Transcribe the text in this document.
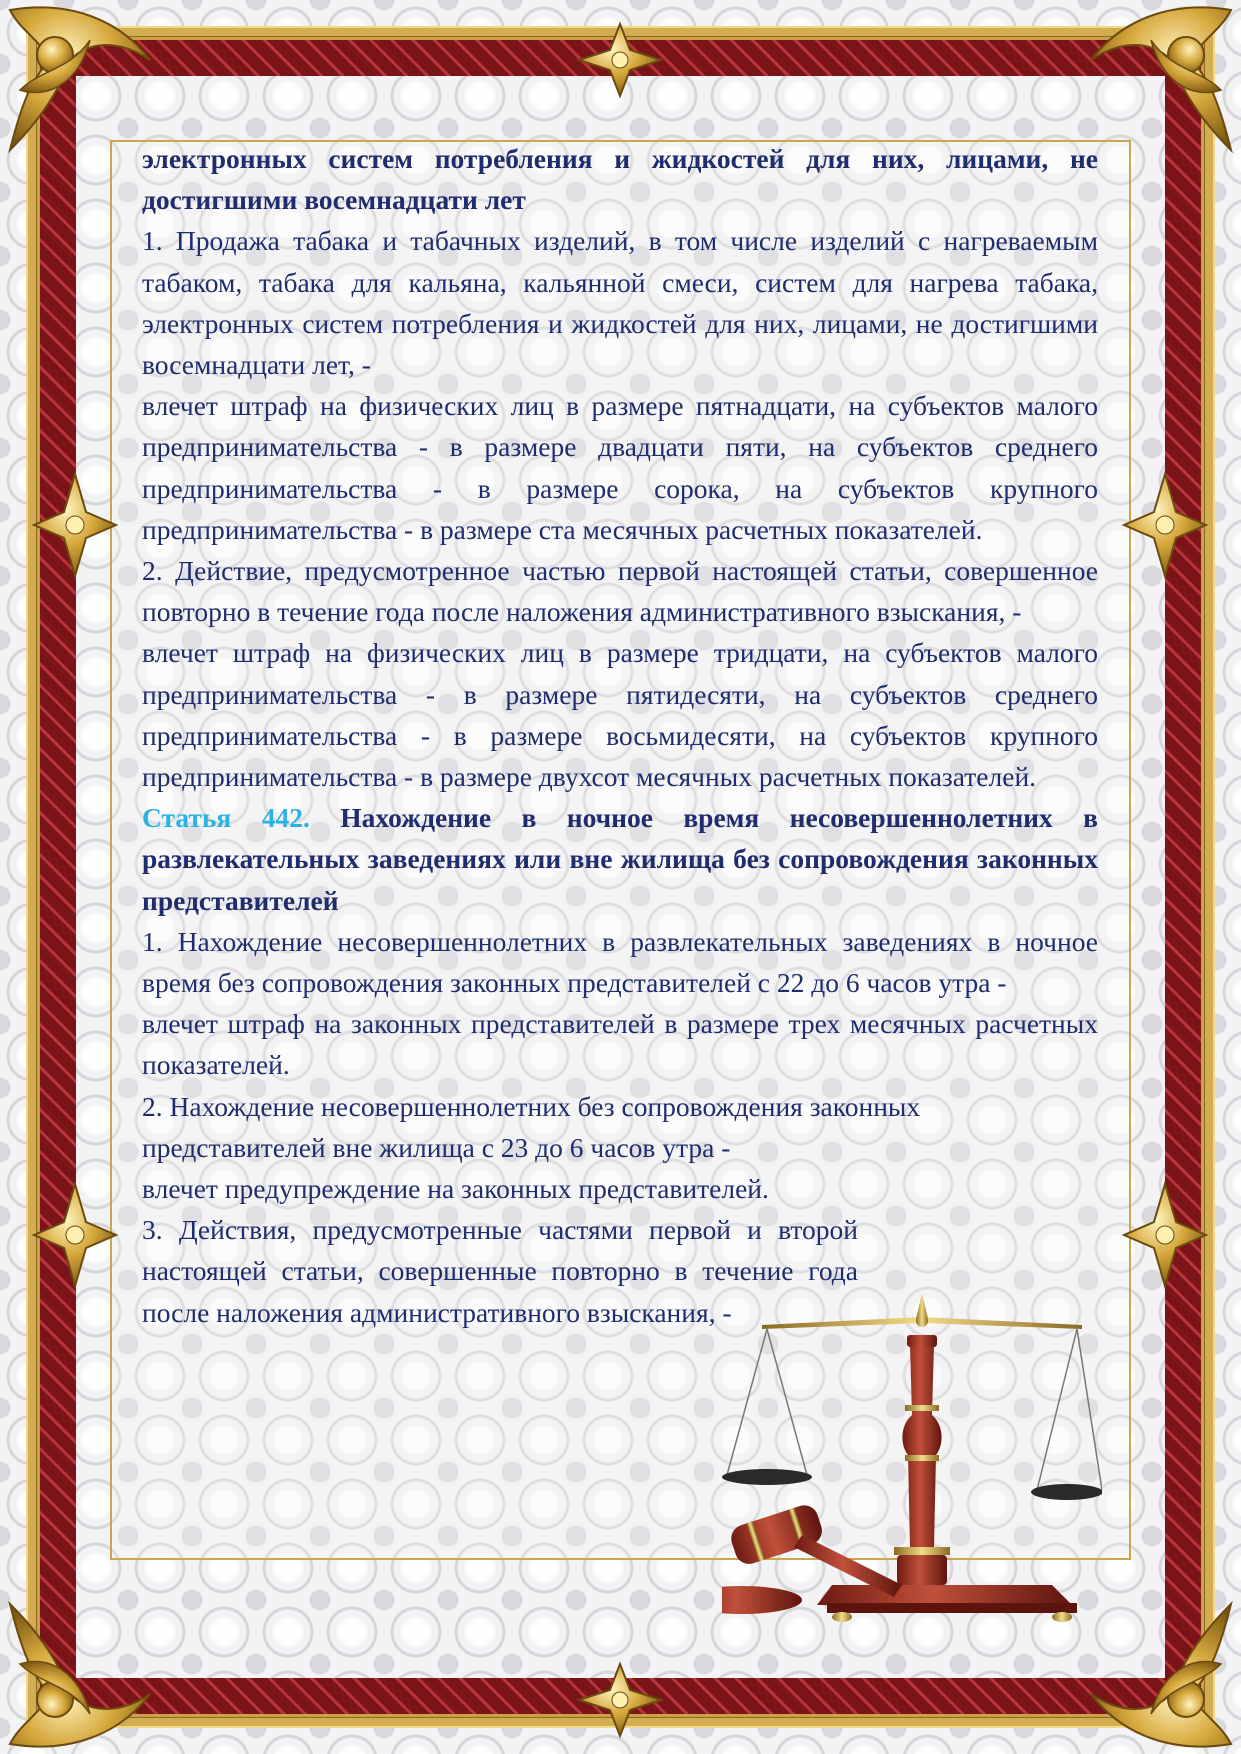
электронных систем потребления и жидкостей для них, лицами, не достигшими восемнадцати лет

1. Продажа табака и табачных изделий, в том числе изделий с нагреваемым табаком, табака для кальяна, кальянной смеси, систем для нагрева табака, электронных систем потребления и жидкостей для них, лицами, не достигшими восемнадцати лет, -

влечет штраф на физических лиц в размере пятнадцати, на субъектов малого предпринимательства - в размере двадцати пяти, на субъектов среднего предпринимательства - в размере сорока, на субъектов крупного предпринимательства - в размере ста месячных расчетных показателей.

2. Действие, предусмотренное частью первой настоящей статьи, совершенное повторно в течение года после наложения административного взыскания, -

влечет штраф на физических лиц в размере тридцати, на субъектов малого предпринимательства - в размере пятидесяти, на субъектов среднего предпринимательства - в размере восьмидесяти, на субъектов крупного предпринимательства - в размере двухсот месячных расчетных показателей.

Статья 442. Нахождение в ночное время несовершеннолетних в развлекательных заведениях или вне жилища без сопровождения законных представителей

1. Нахождение несовершеннолетних в развлекательных заведениях в ночное время без сопровождения законных представителей с 22 до 6 часов утра -

влечет штраф на законных представителей в размере трех месячных расчетных показателей.

2. Нахождение несовершеннолетних без сопровождения законных

представителей вне жилища с 23 до 6 часов утра -

влечет предупреждение на законных представителей.

3. Действия, предусмотренные частями первой и второй настоящей статьи, совершенные повторно в течение года после наложения административного взыскания, -
